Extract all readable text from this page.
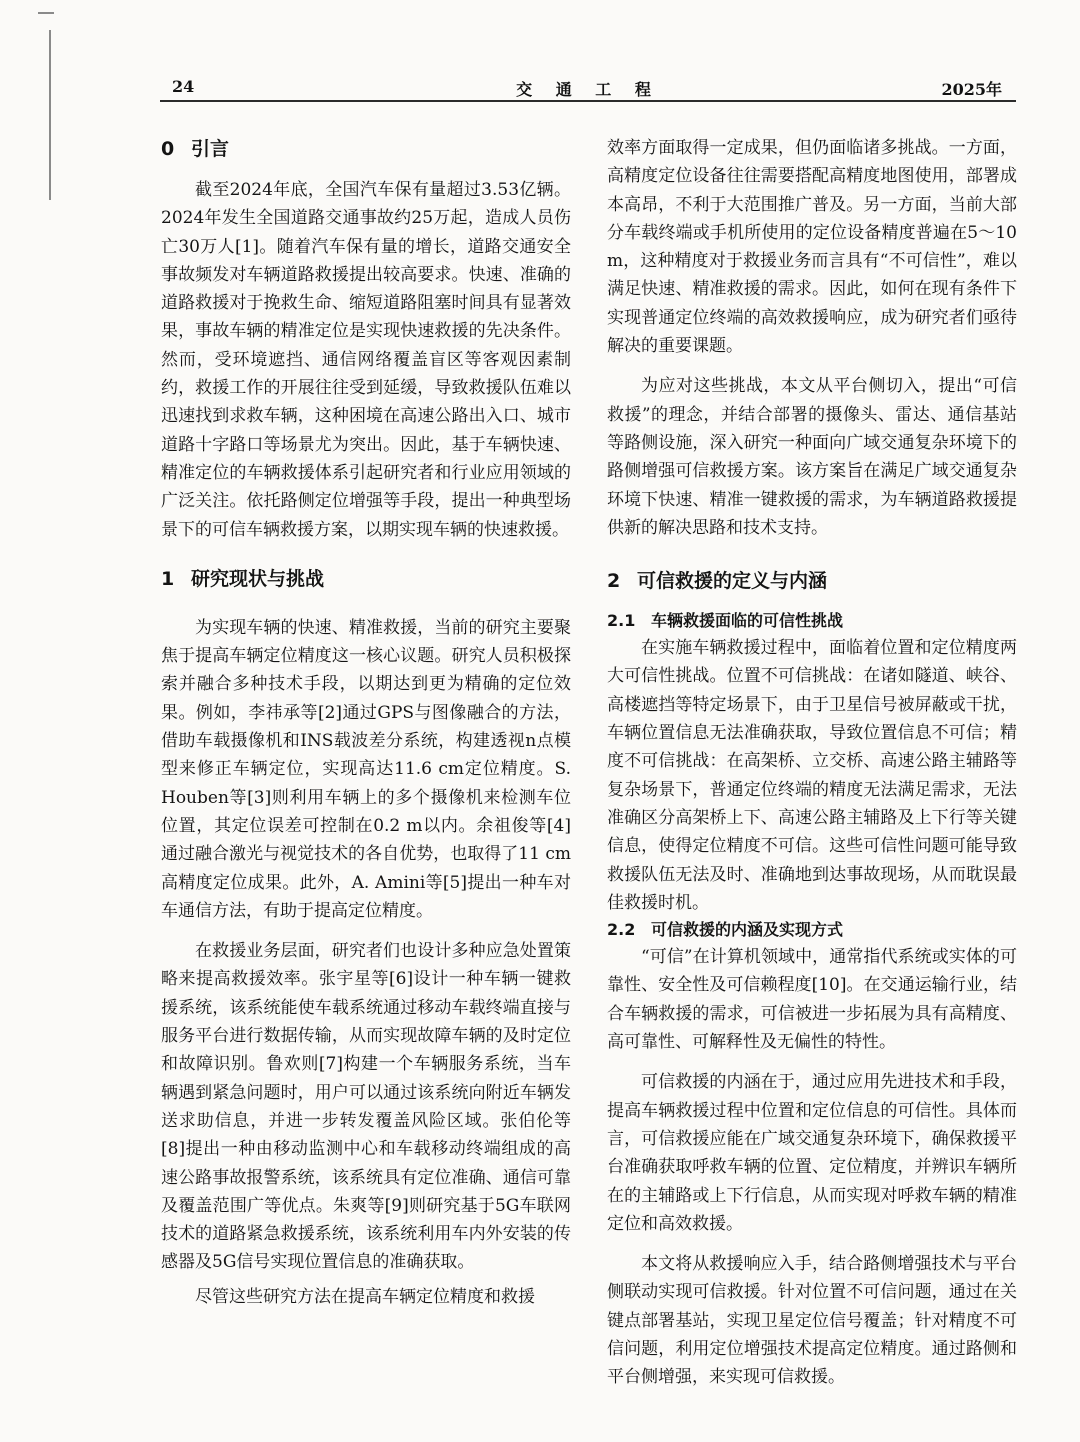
24	交 通 工 程	2025年
0 引言

截至2024年底，全国汽车保有量超过3.53亿辆。2024年发生全国道路交通事故约25万起，造成人员伤亡30万人[1]。随着汽车保有量的增长，道路交通安全事故频发对车辆道路救援提出较高要求。快速、准确的道路救援对于挽救生命、缩短道路阻塞时间具有显著效果，事故车辆的精准定位是实现快速救援的先决条件。然而，受环境遮挡、通信网络覆盖盲区等客观因素制约，救援工作的开展往往受到延缓，导致救援队伍难以迅速找到求救车辆，这种困境在高速公路出入口、城市道路十字路口等场景尤为突出。因此，基于车辆快速、精准定位的车辆救援体系引起研究者和行业应用领域的广泛关注。依托路侧定位增强等手段，提出一种典型场景下的可信车辆救援方案，以期实现车辆的快速救援。

1 研究现状与挑战

为实现车辆的快速、精准救援，当前的研究主要聚焦于提高车辆定位精度这一核心议题。研究人员积极探索并融合多种技术手段，以期达到更为精确的定位效果。例如，李祎承等[2]通过GPS与图像融合的方法，借助车载摄像机和INS载波差分系统，构建透视n点模型来修正车辆定位，实现高达11.6 cm定位精度。S. Houben等[3]则利用车辆上的多个摄像机来检测车位位置，其定位误差可控制在0.2 m以内。余祖俊等[4]通过融合激光与视觉技术的各自优势，也取得了11 cm高精度定位成果。此外，A. Amini等[5]提出一种车对车通信方法，有助于提高定位精度。

在救援业务层面，研究者们也设计多种应急处置策略来提高救援效率。张宇星等[6]设计一种车辆一键救援系统，该系统能使车载系统通过移动车载终端直接与服务平台进行数据传输，从而实现故障车辆的及时定位和故障识别。鲁欢则[7]构建一个车辆服务系统，当车辆遇到紧急问题时，用户可以通过该系统向附近车辆发送求助信息，并进一步转发覆盖风险区域。张伯伦等[8]提出一种由移动监测中心和车载移动终端组成的高速公路事故报警系统，该系统具有定位准确、通信可靠及覆盖范围广等优点。朱爽等[9]则研究基于5G车联网技术的道路紧急救援系统，该系统利用车内外安装的传感器及5G信号实现位置信息的准确获取。

尽管这些研究方法在提高车辆定位精度和救援

效率方面取得一定成果，但仍面临诸多挑战。一方面，高精度定位设备往往需要搭配高精度地图使用，部署成本高昂，不利于大范围推广普及。另一方面，当前大部分车载终端或手机所使用的定位设备精度普遍在5～10 m，这种精度对于救援业务而言具有“不可信性”，难以满足快速、精准救援的需求。因此，如何在现有条件下实现普通定位终端的高效救援响应，成为研究者们亟待解决的重要课题。

为应对这些挑战，本文从平台侧切入，提出“可信救援”的理念，并结合部署的摄像头、雷达、通信基站等路侧设施，深入研究一种面向广域交通复杂环境下的路侧增强可信救援方案。该方案旨在满足广域交通复杂环境下快速、精准一键救援的需求，为车辆道路救援提供新的解决思路和技术支持。

2 可信救援的定义与内涵
2.1 车辆救援面临的可信性挑战

在实施车辆救援过程中，面临着位置和定位精度两大可信性挑战。位置不可信挑战：在诸如隧道、峡谷、高楼遮挡等特定场景下，由于卫星信号被屏蔽或干扰，车辆位置信息无法准确获取，导致位置信息不可信；精度不可信挑战：在高架桥、立交桥、高速公路主辅路等复杂场景下，普通定位终端的精度无法满足需求，无法准确区分高架桥上下、高速公路主辅路及上下行等关键信息，使得定位精度不可信。这些可信性问题可能导致救援队伍无法及时、准确地到达事故现场，从而耽误最佳救援时机。

2.2 可信救援的内涵及实现方式

“可信”在计算机领域中，通常指代系统或实体的可靠性、安全性及可信赖程度[10]。在交通运输行业，结合车辆救援的需求，可信被进一步拓展为具有高精度、高可靠性、可解释性及无偏性的特性。

可信救援的内涵在于，通过应用先进技术和手段，提高车辆救援过程中位置和定位信息的可信性。具体而言，可信救援应能在广域交通复杂环境下，确保救援平台准确获取呼救车辆的位置、定位精度，并辨识车辆所在的主辅路或上下行信息，从而实现对呼救车辆的精准定位和高效救援。

本文将从救援响应入手，结合路侧增强技术与平台侧联动实现可信救援。针对位置不可信问题，通过在关键点部署基站，实现卫星定位信号覆盖；针对精度不可信问题，利用定位增强技术提高定位精度。通过路侧和平台侧增强，来实现可信救援。
